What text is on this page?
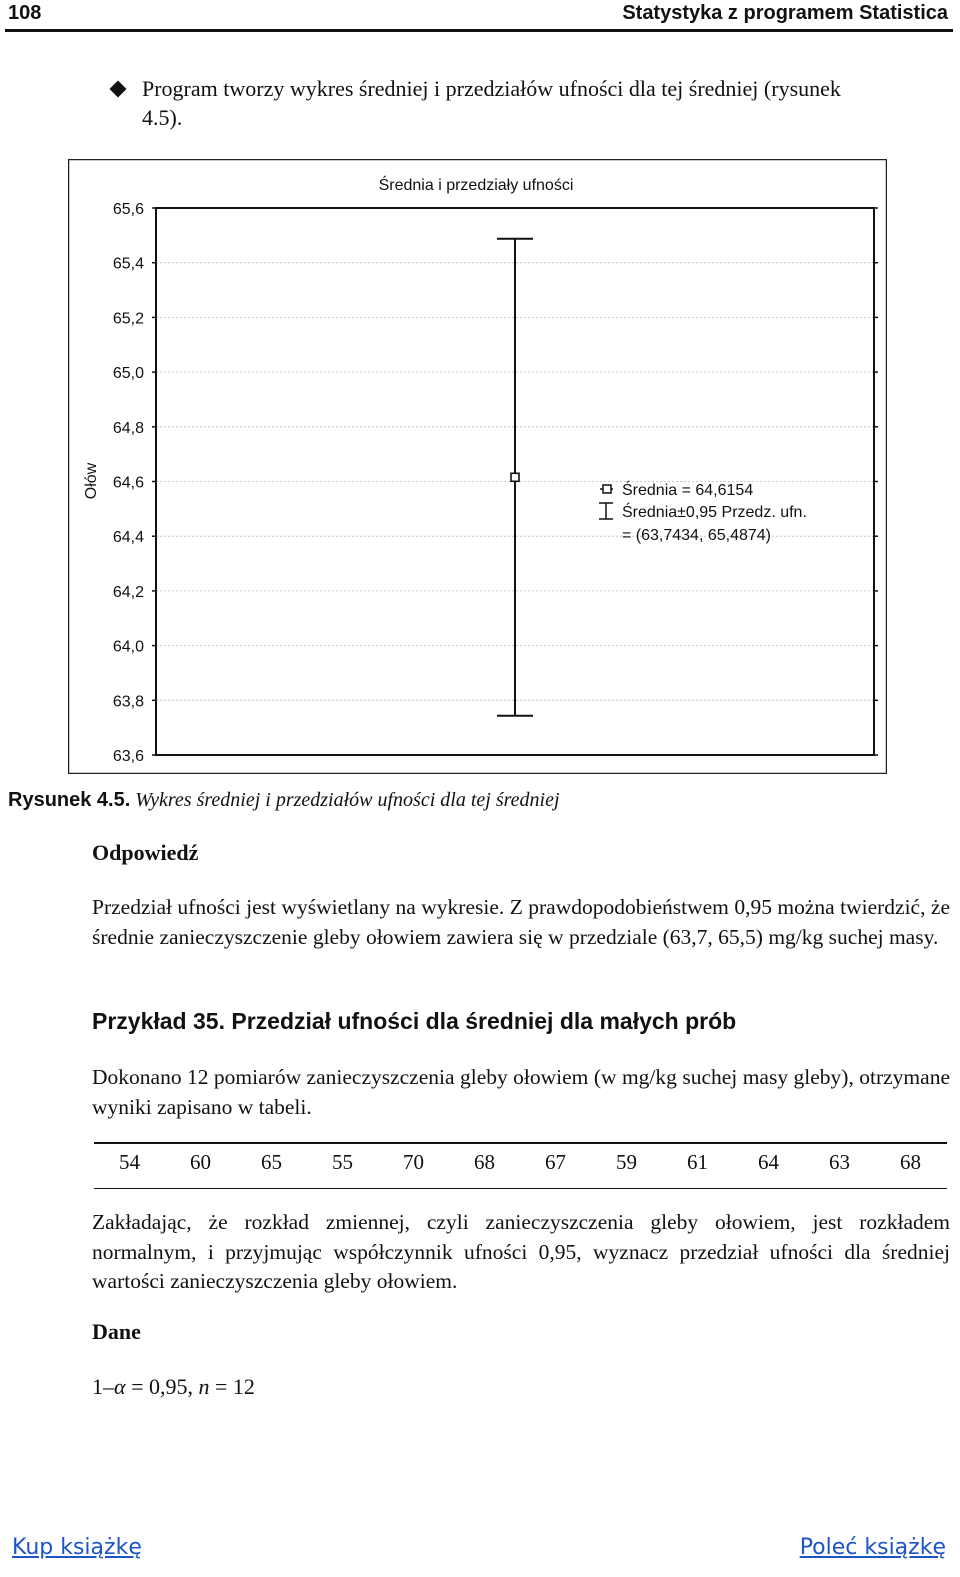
108	Statystyka z programem Statistica
Program tworzy wykres średniej i przedziałów ufności dla tej średniej (rysunek 4.5).
Średnia i przedziały ufności
Ołów
65,6
65,4
65,2
65,0
64,8
64,6
64,4
64,2
64,0
63,8
63,6
Średnia = 64,6154
Średnia±0,95 Przedz. ufn.
= (63,7434, 65,4874)
Rysunek 4.5. Wykres średniej i przedziałów ufności dla tej średniej
Odpowiedź
Przedział ufności jest wyświetlany na wykresie. Z prawdopodobieństwem 0,95 można twierdzić, że średnie zanieczyszczenie gleby ołowiem zawiera się w przedziale (63,7, 65,5) mg/kg suchej masy.
Przykład 35. Przedział ufności dla średniej dla małych prób
Dokonano 12 pomiarów zanieczyszczenia gleby ołowiem (w mg/kg suchej masy gleby), otrzymane wyniki zapisano w tabeli.
54	60	65	55	70	68	67	59	61	64	63	68
Zakładając, że rozkład zmiennej, czyli zanieczyszczenia gleby ołowiem, jest rozkładem normalnym, i przyjmując współczynnik ufności 0,95, wyznacz przedział ufności dla średniej wartości zanieczyszczenia gleby ołowiem.
Dane
1–α = 0,95, n = 12
Kup książkę	Poleć książkę
